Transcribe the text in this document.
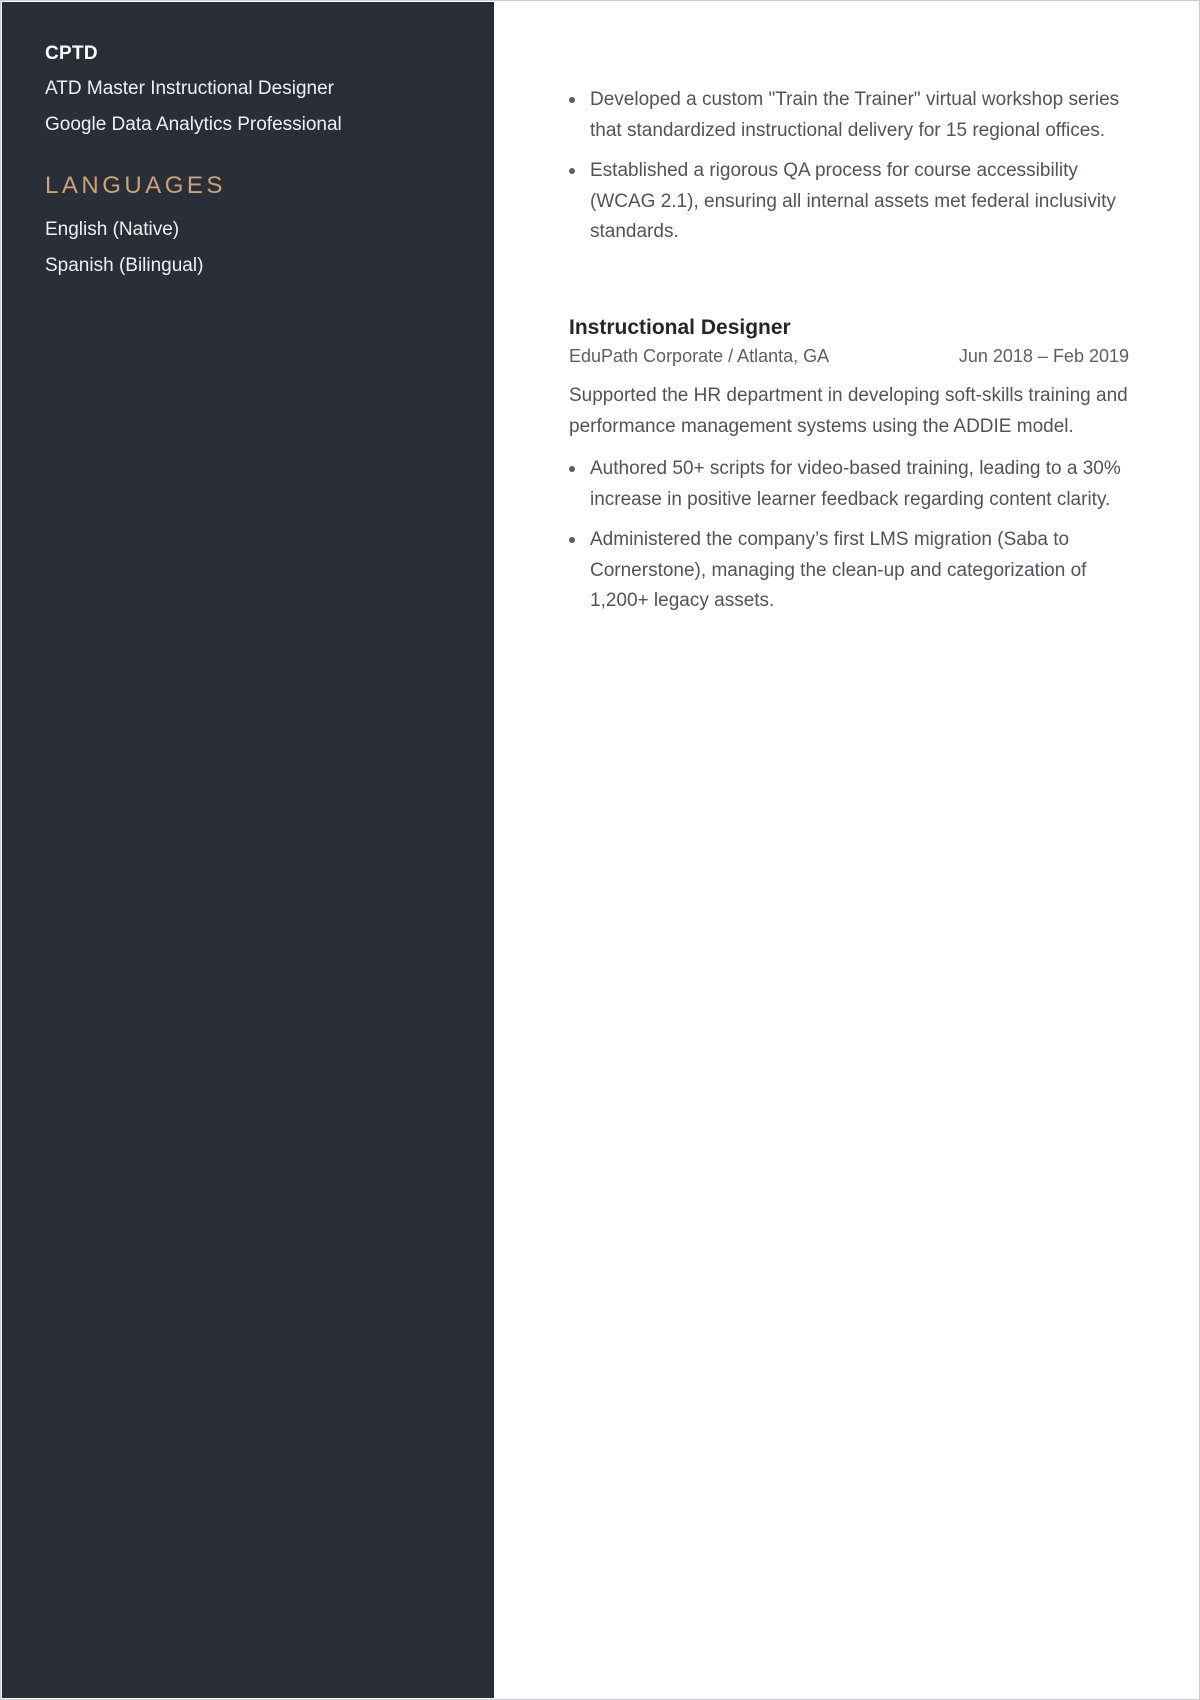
CPTD
ATD Master Instructional Designer
Google Data Analytics Professional
LANGUAGES
English (Native)
Spanish (Bilingual)
Developed a custom "Train the Trainer" virtual workshop series that standardized instructional delivery for 15 regional offices.
Established a rigorous QA process for course accessibility (WCAG 2.1), ensuring all internal assets met federal inclusivity standards.
Instructional Designer
EduPath Corporate / Atlanta, GA	Jun 2018 – Feb 2019
Supported the HR department in developing soft-skills training and performance management systems using the ADDIE model.
Authored 50+ scripts for video-based training, leading to a 30% increase in positive learner feedback regarding content clarity.
Administered the company’s first LMS migration (Saba to Cornerstone), managing the clean-up and categorization of 1,200+ legacy assets.
